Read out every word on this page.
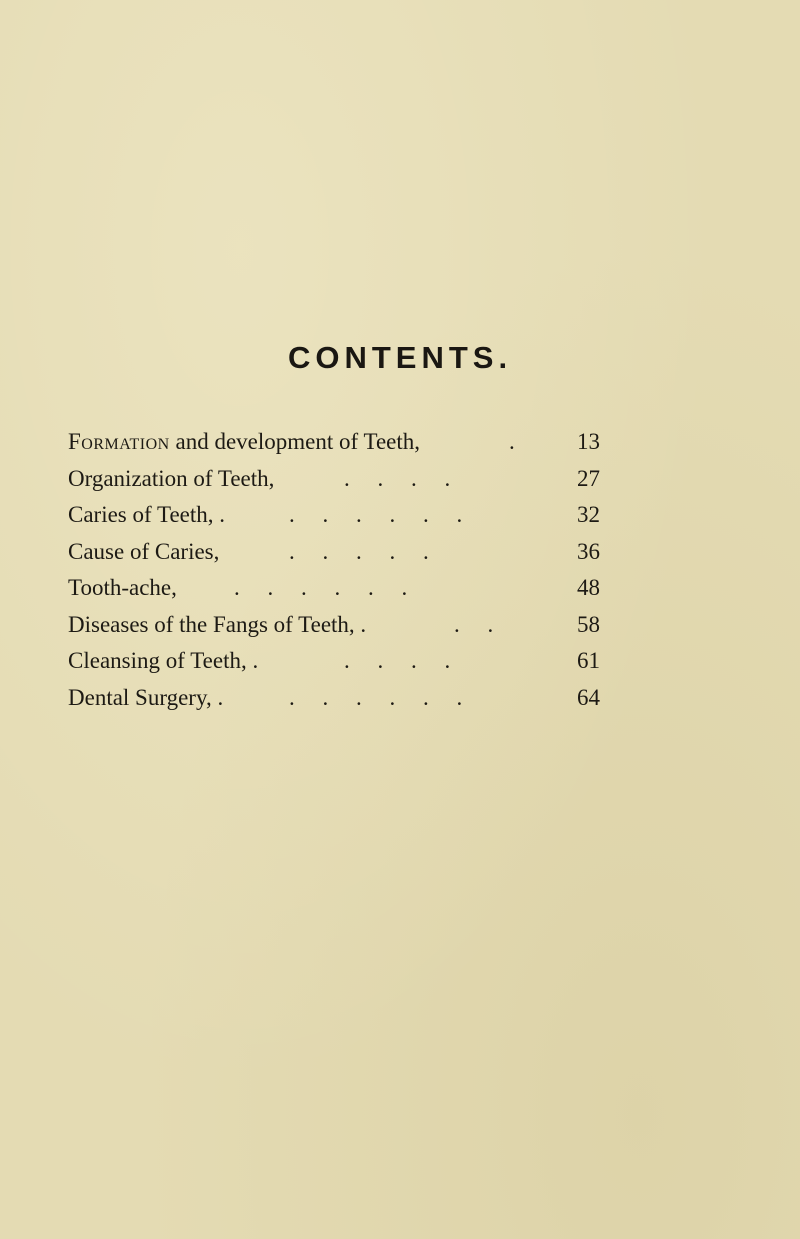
CONTENTS.
Formation and development of Teeth,	.	13
Organization of Teeth,	. . . .	27
Caries of Teeth, .	. . . . . .	32
Cause of Caries,	. . . . .	36
Tooth-ache, . . . . . .	48
Diseases of the Fangs of Teeth, .	. .	58
Cleansing of Teeth, .	. . . .	61
Dental Surgery, .	. . . . . .	64
